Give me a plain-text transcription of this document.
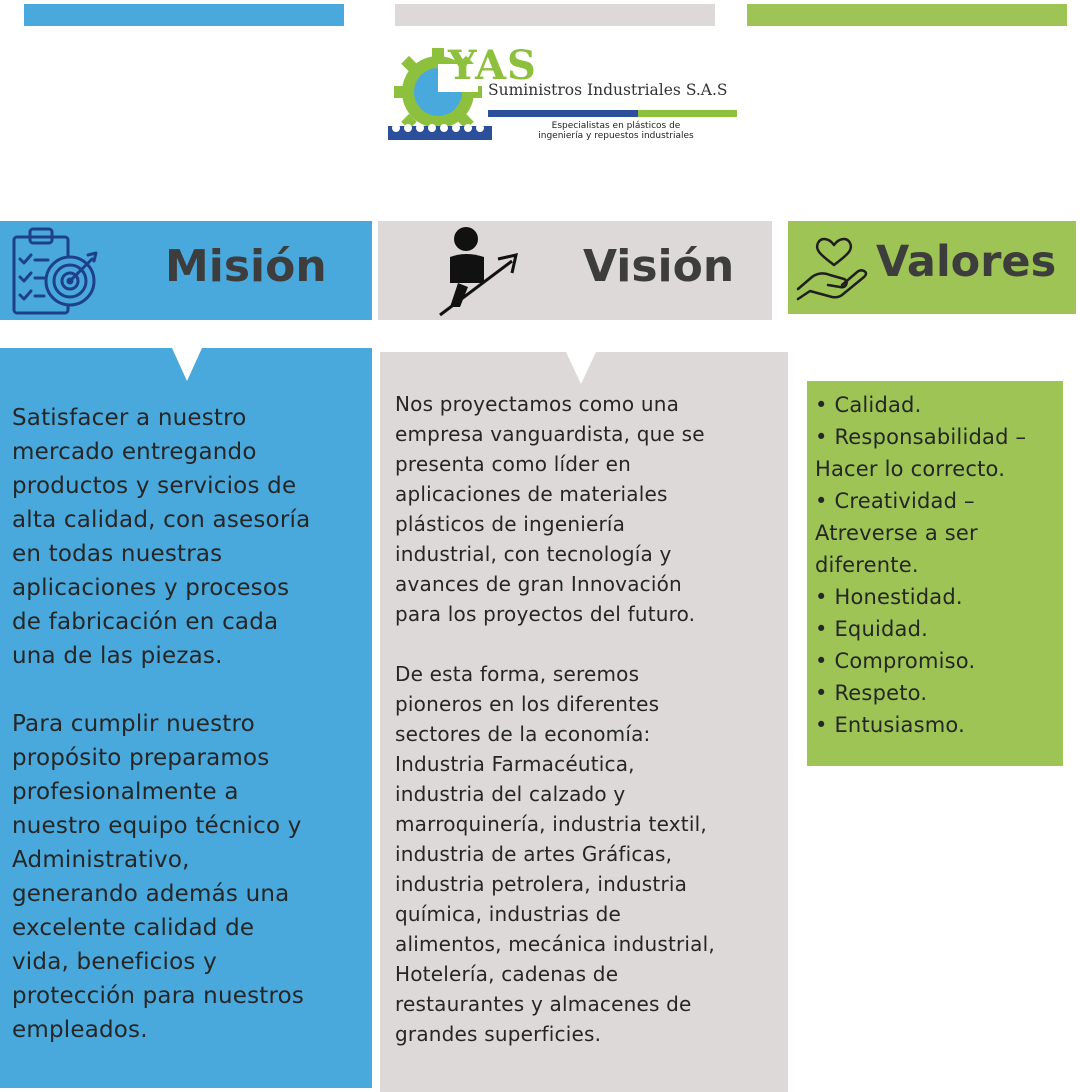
YAS
Suministros Industriales S.A.S
Especialistas en plásticos de
ingeniería y repuestos industriales
Misión	Visión	Valores

Satisfacer a nuestro
mercado entregando
productos y servicios de
alta calidad, con asesoría
en todas nuestras
aplicaciones y procesos
de fabricación en cada
una de las piezas.

Para cumplir nuestro
propósito preparamos
profesionalmente a
nuestro equipo técnico y
Administrativo,
generando además una
excelente calidad de
vida, beneficios y
protección para nuestros
empleados.

Nos proyectamos como una
empresa vanguardista, que se
presenta como líder en
aplicaciones de materiales
plásticos de ingeniería
industrial, con tecnología y
avances de gran Innovación
para los proyectos del futuro.

De esta forma, seremos
pioneros en los diferentes
sectores de la economía:
Industria Farmacéutica,
industria del calzado y
marroquinería, industria textil,
industria de artes Gráficas,
industria petrolera, industria
química, industrias de
alimentos, mecánica industrial,
Hotelería, cadenas de
restaurantes y almacenes de
grandes superficies.

• Calidad.
• Responsabilidad –
Hacer lo correcto.
• Creatividad –
Atreverse a ser
diferente.
• Honestidad.
• Equidad.
• Compromiso.
• Respeto.
• Entusiasmo.
